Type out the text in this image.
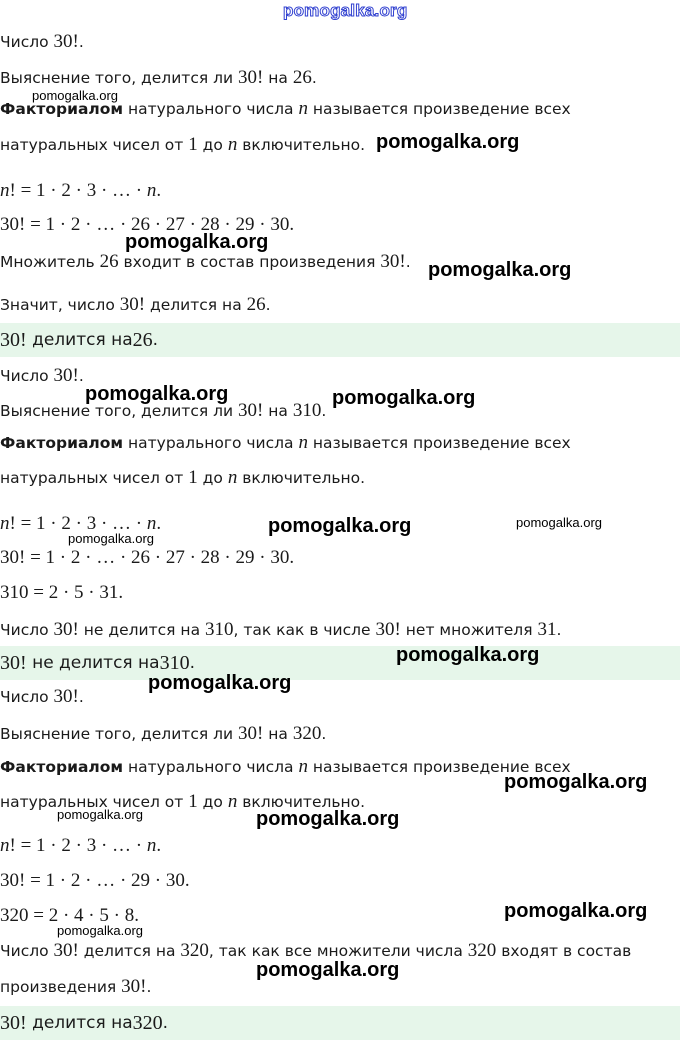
Число 30!.
Выяснение того, делится ли 30! на 26.
Факториалом натурального числа n называется произведение всех
натуральных чисел от 1 до n включительно.
n! = 1 · 2 · 3 · … · n.
30! = 1 · 2 · … · 26 · 27 · 28 · 29 · 30.
Множитель 26 входит в состав произведения 30!.
Значит, число 30! делится на 26.
30! делится на 26 .
Число 30!.
Выяснение того, делится ли 30! на 310.
Факториалом натурального числа n называется произведение всех
натуральных чисел от 1 до n включительно.
n! = 1 · 2 · 3 · … · n.
30! = 1 · 2 · … · 26 · 27 · 28 · 29 · 30.
310 = 2 · 5 · 31.
Число 30! не делится на 310, так как в числе 30! нет множителя 31.
30! не делится на 310 .
Число 30!.
Выяснение того, делится ли 30! на 320.
Факториалом натурального числа n называется произведение всех
натуральных чисел от 1 до n включительно.
n! = 1 · 2 · 3 · … · n.
30! = 1 · 2 · … · 29 · 30.
320 = 2 · 4 · 5 · 8.
Число 30! делится на 320, так как все множители числа 320 входят в состав
произведения 30!.
30! делится на 320 .
pomogalka.org
pomogalka.org
pomogalka.org
pomogalka.org
pomogalka.org
pomogalka.org	pomogalka.org
pomogalka.org	pomogalka.org
pomogalka.org
pomogalka.org
pomogalka.org
pomogalka.org
pomogalka.org	pomogalka.org
pomogalka.org
pomogalka.org
pomogalka.org
